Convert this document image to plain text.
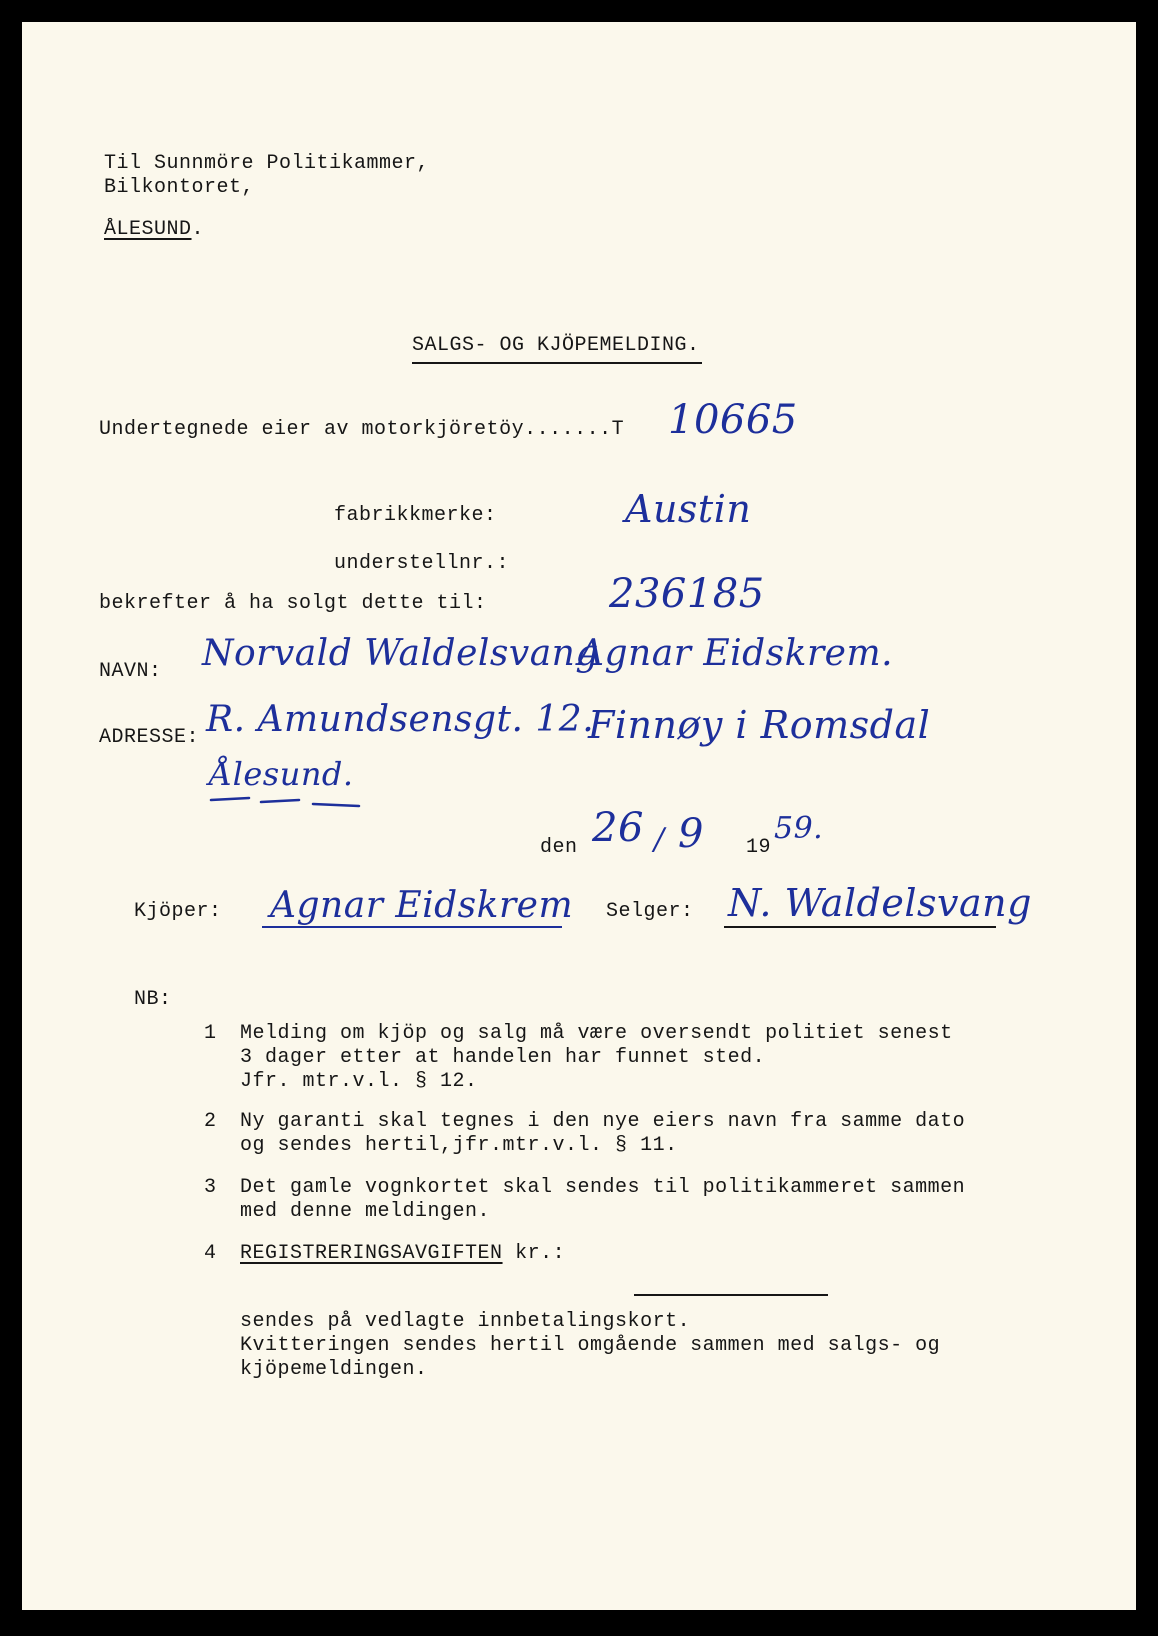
Til Sunnmöre Politikammer,
Bilkontoret,
ÅLESUND.
SALGS- OG KJÖPEMELDING.
Undertegnede eier av motorkjöretöy.......T 10665
fabrikkmerke:	Austin
understellnr.:
bekrefter å ha solgt dette til:	236185
NAVN: Norvald Waldelsvang
Agnar Eidskrem.
ADRESSE: R. Amundsensgt. 12.
Finnøy i Romsdal
Ålesund.
den 26 / 9 19
59.
Kjöper: Agnar Eidskrem Selger: N. Waldelsvang
NB:
1 Melding om kjöp og salg må være oversendt politiet senest
3 dager etter at handelen har funnet sted.
Jfr. mtr.v.l. § 12.
2 Ny garanti skal tegnes i den nye eiers navn fra samme dato
og sendes hertil,jfr.mtr.v.l. § 11.
3 Det gamle vognkortet skal sendes til politikammeret sammen
med denne meldingen.
4 REGISTRERINGSAVGIFTEN kr.:
sendes på vedlagte innbetalingskort.
Kvitteringen sendes hertil omgående sammen med salgs- og
kjöpemeldingen.
